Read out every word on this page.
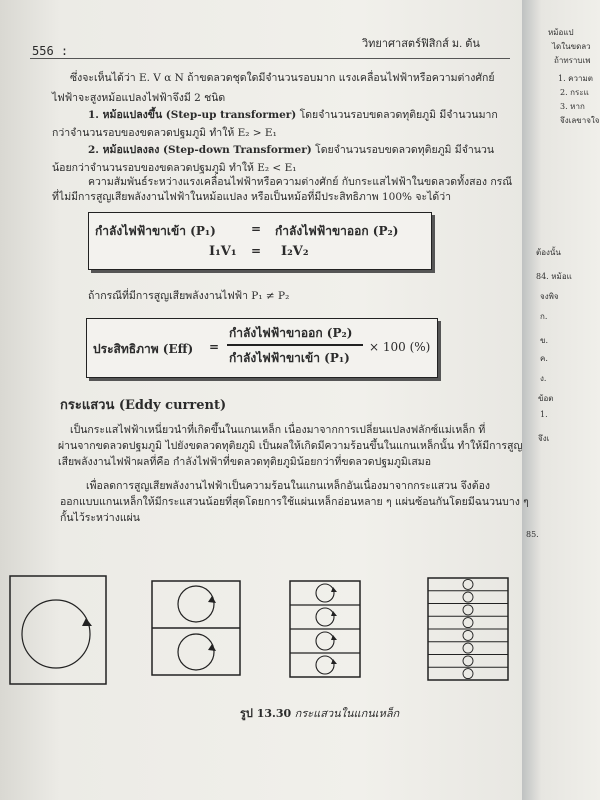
หม้อแป
ไดในขดลว
ถ้าทราบเพ
1. ความต
2. กระแ
3. หาก
จึงเลขาจใจ
ต้องนั้น
84. หม้อแ
จงพิจ
ก.
ข.
ค.
ง.
ข้อต
1.
จึงเ
85.
วิทยาศาสตร์ฟิสิกส์ ม. ต้น
556 :
ซึ่งจะเห็นได้ว่า E. V α N ถ้าขดลวดชุดใดมีจำนวนรอบมาก แรงเคลื่อนไฟฟ้าหรือความต่างศักย์
ไฟฟ้าจะสูงหม้อแปลงไฟฟ้าจึงมี 2 ชนิด
1. หม้อแปลงขึ้น (Step-up transformer) โดยจำนวนรอบขดลวดทุติยภูมิ มีจำนวนมาก
กว่าจำนวนรอบของขดลวดปฐมภูมิ ทำให้ E₂ > E₁
2. หม้อแปลงลง (Step-down Transformer) โดยจำนวนรอบขดลวดทุติยภูมิ มีจำนวน
น้อยกว่าจำนวนรอบของขดลวดปฐมภูมิ ทำให้ E₂ < E₁
ความสัมพันธ์ระหว่างแรงเคลื่อนไฟฟ้าหรือความต่างศักย์ กับกระแสไฟฟ้าในขดลวดทั้งสอง กรณี
ที่ไม่มีการสูญเสียพลังงานไฟฟ้าในหม้อแปลง หรือเป็นหม้อที่มีประสิทธิภาพ 100% จะได้ว่า
กำลังไฟฟ้าขาเข้า (P₁)	= กำลังไฟฟ้าขาออก (P₂)
I₁V₁ = I₂V₂
ถ้ากรณีที่มีการสูญเสียพลังงานไฟฟ้า P₁ ≠ P₂
ประสิทธิภาพ (Eff) =
กำลังไฟฟ้าขาออก (P₂)
กำลังไฟฟ้าขาเข้า (P₁)
× 100 (%)
กระแสวน (Eddy current)
เป็นกระแสไฟฟ้าเหนี่ยวนำที่เกิดขึ้นในแกนเหล็ก เนื่องมาจากการเปลี่ยนแปลงฟลักซ์แม่เหล็ก ที่
ผ่านจากขดลวดปฐมภูมิ ไปยังขดลวดทุติยภูมิ เป็นผลให้เกิดมีความร้อนขึ้นในแกนเหล็กนั้น ทำให้มีการสูญ
เสียพลังงานไฟฟ้าผลที่คือ กำลังไฟฟ้าที่ขดลวดทุติยภูมิน้อยกว่าที่ขดลวดปฐมภูมิเสมอ
เพื่อลดการสูญเสียพลังงานไฟฟ้าเป็นความร้อนในแกนเหล็กอันเนื่องมาจากกระแสวน จึงต้อง
ออกแบบแกนเหล็กให้มีกระแสวนน้อยที่สุดโดยการใช้แผ่นเหล็กอ่อนหลาย ๆ แผ่นซ้อนกันโดยมีฉนวนบาง ๆ
กั้นไว้ระหว่างแผ่น
รูป 13.30 กระแสวนในแกนเหล็ก
